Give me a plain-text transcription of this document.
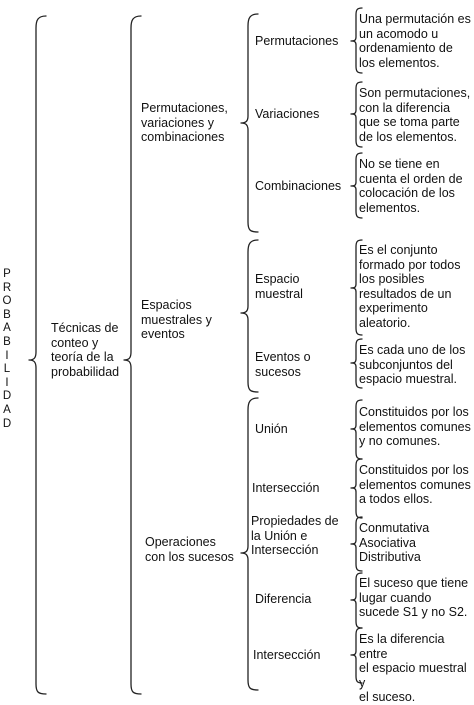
P
R
O
B
A
B
I
L
I
D
A
D
Técnicas de
conteo y
teoría de la
probabilidad
Permutaciones,
variaciones y
combinaciones
Espacios
muestrales y
eventos
Operaciones
con los sucesos
Permutaciones
Variaciones
Combinaciones
Espacio
muestral
Eventos o
sucesos
Unión
Intersección
Propiedades de
la Unión e
Intersección
Diferencia
Intersección
Una permutación es
un acomodo u
ordenamiento de
los elementos.
Son permutaciones,
con la diferencia
que se toma parte
de los elementos.
No se tiene en
cuenta el orden de
colocación de los
elementos.
Es el conjunto
formado por todos
los posibles
resultados de un
experimento
aleatorio.
Es cada uno de los
subconjuntos del
espacio muestral.
Constituidos por los
elementos comunes
y no comunes.
Constituidos por los
elementos comunes
a todos ellos.
Conmutativa
Asociativa
Distributiva
El suceso que tiene
lugar cuando
sucede S1 y no S2.
Es la diferencia entre
el espacio muestral y
el suceso.
